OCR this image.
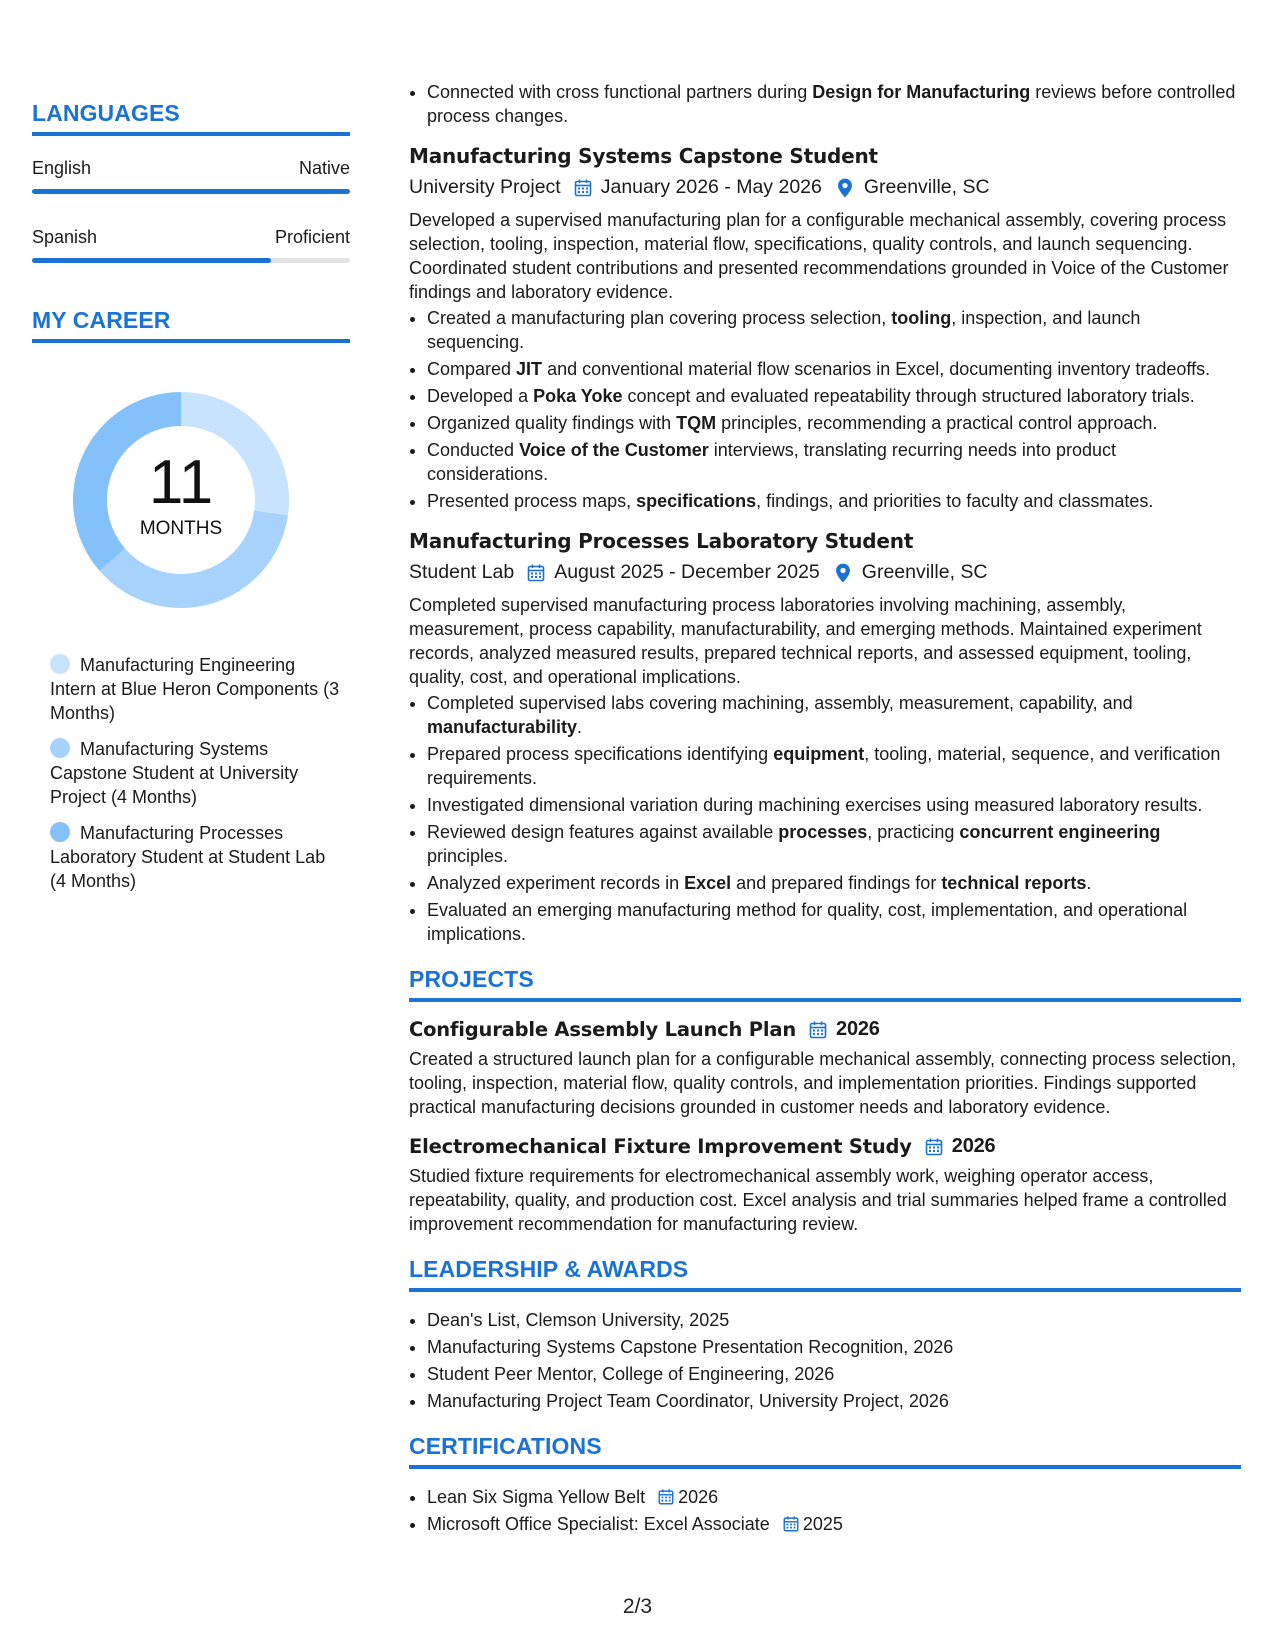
LANGUAGES
English	Native
Spanish	Proficient
MY CAREER
11
MONTHS
Manufacturing Engineering Intern at Blue Heron Components (3 Months)
Manufacturing Systems Capstone Student at University Project (4 Months)
Manufacturing Processes Laboratory Student at Student Lab (4 Months)
• Connected with cross functional partners during Design for Manufacturing reviews before controlled process changes.
Manufacturing Systems Capstone Student
University Project January 2026 - May 2026 Greenville, SC
Developed a supervised manufacturing plan for a configurable mechanical assembly, covering process selection, tooling, inspection, material flow, specifications, quality controls, and launch sequencing. Coordinated student contributions and presented recommendations grounded in Voice of the Customer findings and laboratory evidence.
• Created a manufacturing plan covering process selection, tooling, inspection, and launch sequencing.
• Compared JIT and conventional material flow scenarios in Excel, documenting inventory tradeoffs.
• Developed a Poka Yoke concept and evaluated repeatability through structured laboratory trials.
• Organized quality findings with TQM principles, recommending a practical control approach.
• Conducted Voice of the Customer interviews, translating recurring needs into product considerations.
• Presented process maps, specifications, findings, and priorities to faculty and classmates.
Manufacturing Processes Laboratory Student
Student Lab August 2025 - December 2025 Greenville, SC
Completed supervised manufacturing process laboratories involving machining, assembly, measurement, process capability, manufacturability, and emerging methods. Maintained experiment records, analyzed measured results, prepared technical reports, and assessed equipment, tooling, quality, cost, and operational implications.
• Completed supervised labs covering machining, assembly, measurement, capability, and manufacturability.
• Prepared process specifications identifying equipment, tooling, material, sequence, and verification requirements.
• Investigated dimensional variation during machining exercises using measured laboratory results.
• Reviewed design features against available processes, practicing concurrent engineering principles.
• Analyzed experiment records in Excel and prepared findings for technical reports.
• Evaluated an emerging manufacturing method for quality, cost, implementation, and operational implications.
PROJECTS
Configurable Assembly Launch Plan 2026
Created a structured launch plan for a configurable mechanical assembly, connecting process selection, tooling, inspection, material flow, quality controls, and implementation priorities. Findings supported practical manufacturing decisions grounded in customer needs and laboratory evidence.
Electromechanical Fixture Improvement Study 2026
Studied fixture requirements for electromechanical assembly work, weighing operator access, repeatability, quality, and production cost. Excel analysis and trial summaries helped frame a controlled improvement recommendation for manufacturing review.
LEADERSHIP & AWARDS
• Dean's List, Clemson University, 2025
• Manufacturing Systems Capstone Presentation Recognition, 2026
• Student Peer Mentor, College of Engineering, 2026
• Manufacturing Project Team Coordinator, University Project, 2026
CERTIFICATIONS
• Lean Six Sigma Yellow Belt 2026
• Microsoft Office Specialist: Excel Associate 2025
2/3
